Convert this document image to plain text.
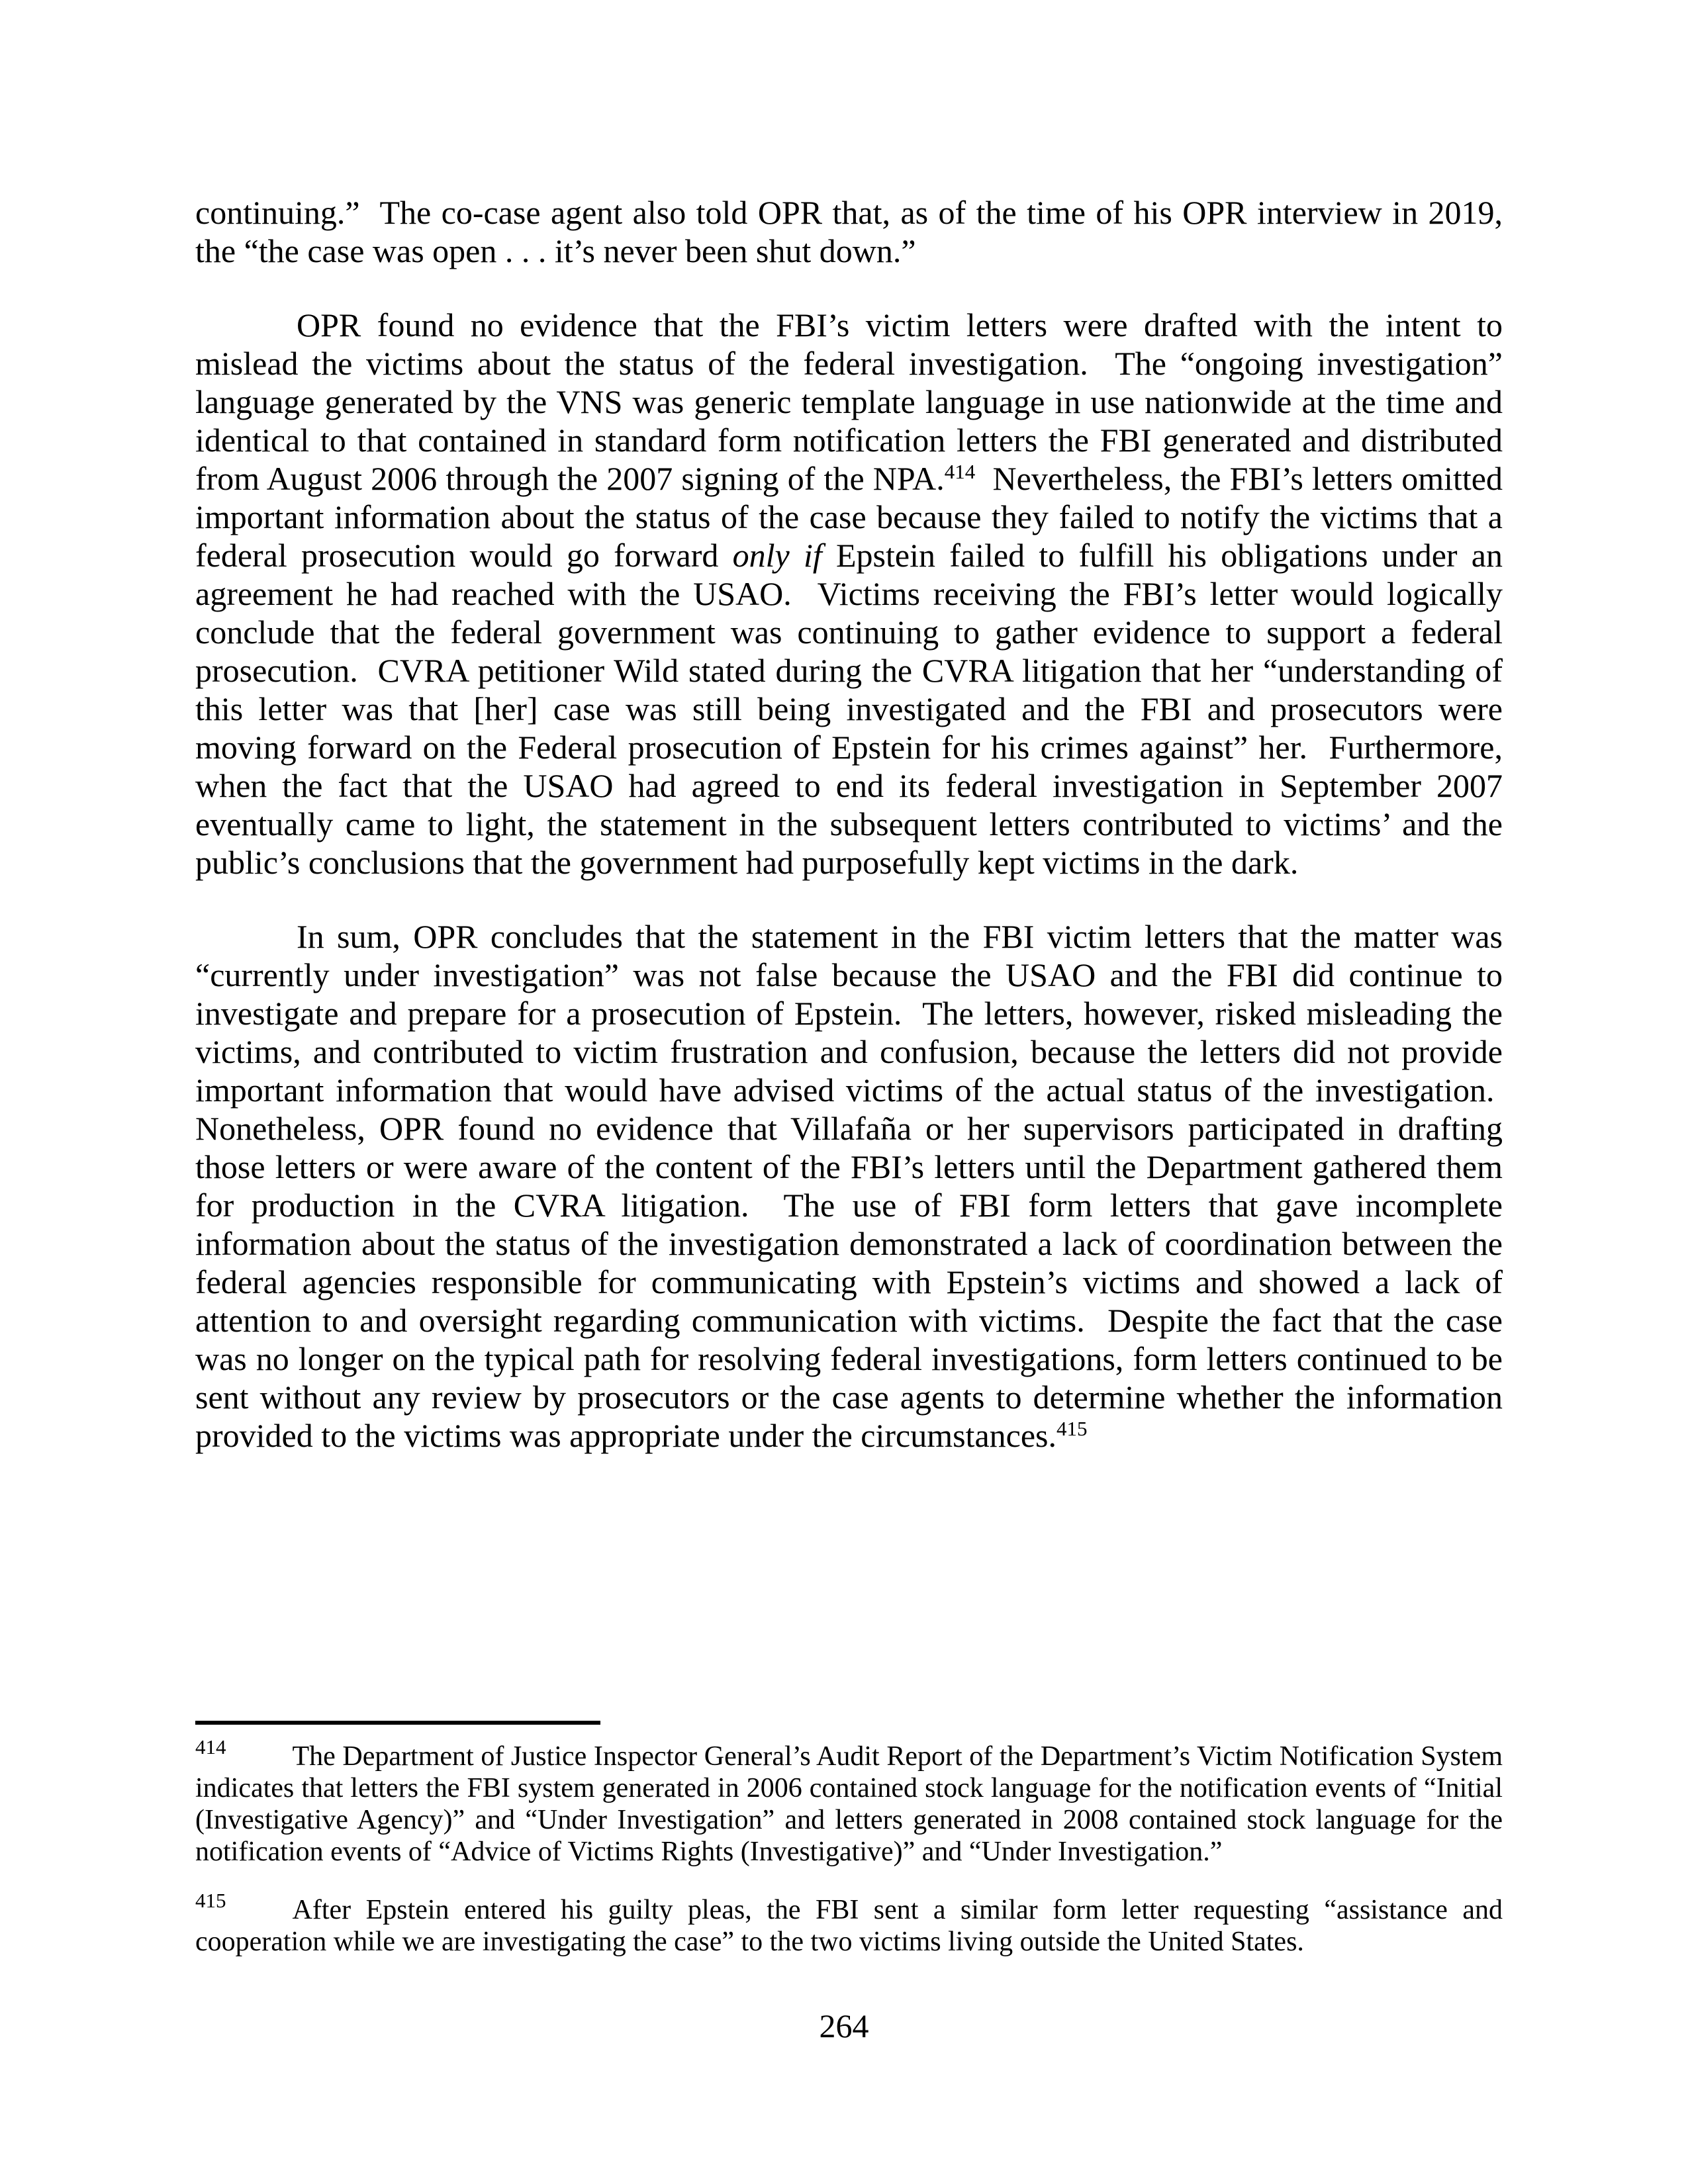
continuing.”  The co-case agent also told OPR that, as of the time of his OPR interview in 2019, the “the case was open . . . it’s never been shut down.”

OPR found no evidence that the FBI’s victim letters were drafted with the intent to mislead the victims about the status of the federal investigation.  The “ongoing investigation” language generated by the VNS was generic template language in use nationwide at the time and identical to that contained in standard form notification letters the FBI generated and distributed from August 2006 through the 2007 signing of the NPA.$^{414}$  Nevertheless, the FBI’s letters omitted important information about the status of the case because they failed to notify the victims that a federal prosecution would go forward only if Epstein failed to fulfill his obligations under an agreement he had reached with the USAO.  Victims receiving the FBI’s letter would logically conclude that the federal government was continuing to gather evidence to support a federal prosecution.  CVRA petitioner Wild stated during the CVRA litigation that her “understanding of this letter was that [her] case was still being investigated and the FBI and prosecutors were moving forward on the Federal prosecution of Epstein for his crimes against” her.  Furthermore, when the fact that the USAO had agreed to end its federal investigation in September 2007 eventually came to light, the statement in the subsequent letters contributed to victims’ and the public’s conclusions that the government had purposefully kept victims in the dark.

In sum, OPR concludes that the statement in the FBI victim letters that the matter was “currently under investigation” was not false because the USAO and the FBI did continue to investigate and prepare for a prosecution of Epstein.  The letters, however, risked misleading the victims, and contributed to victim frustration and confusion, because the letters did not provide important information that would have advised victims of the actual status of the investigation.  Nonetheless, OPR found no evidence that Villafaña or her supervisors participated in drafting those letters or were aware of the content of the FBI’s letters until the Department gathered them for production in the CVRA litigation.  The use of FBI form letters that gave incomplete information about the status of the investigation demonstrated a lack of coordination between the federal agencies responsible for communicating with Epstein’s victims and showed a lack of attention to and oversight regarding communication with victims.  Despite the fact that the case was no longer on the typical path for resolving federal investigations, form letters continued to be sent without any review by prosecutors or the case agents to determine whether the information provided to the victims was appropriate under the circumstances.$^{415}$

$^{414}$ The Department of Justice Inspector General’s Audit Report of the Department’s Victim Notification System indicates that letters the FBI system generated in 2006 contained stock language for the notification events of “Initial (Investigative Agency)” and “Under Investigation” and letters generated in 2008 contained stock language for the notification events of “Advice of Victims Rights (Investigative)” and “Under Investigation.”

$^{415}$ After Epstein entered his guilty pleas, the FBI sent a similar form letter requesting “assistance and cooperation while we are investigating the case” to the two victims living outside the United States.

264
